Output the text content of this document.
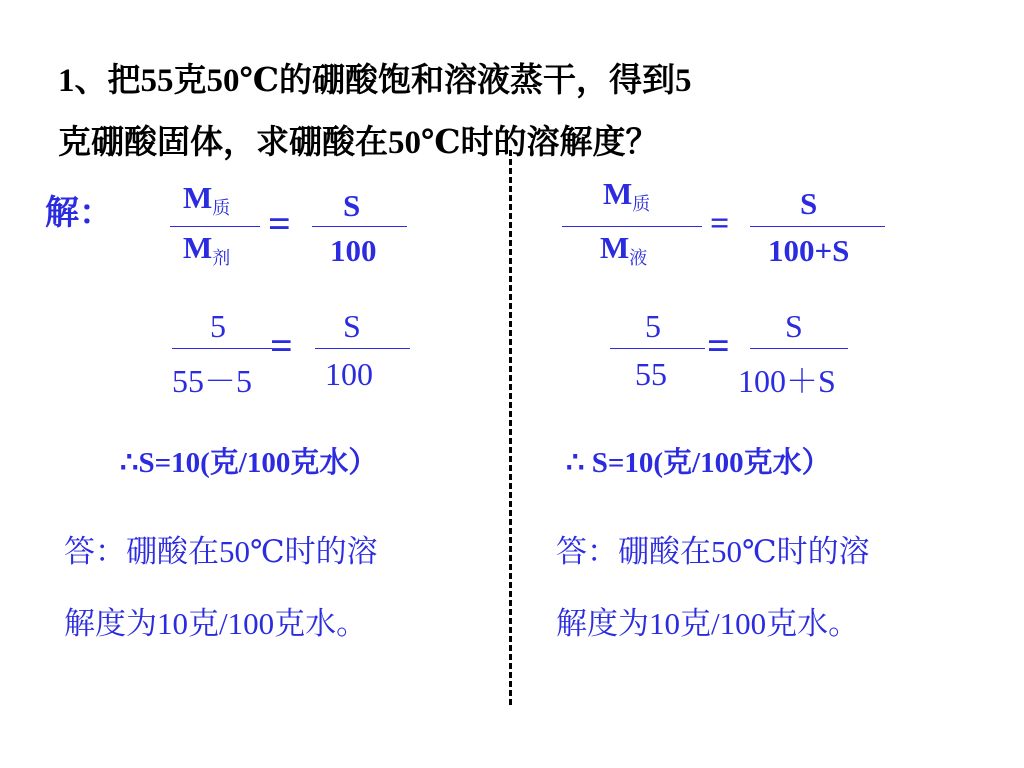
1、把55克50℃的硼酸饱和溶液蒸干，得到5
克硼酸固体，求硼酸在50℃时的溶解度？
解： $M_质$
$M_剂$
= S
100
5
55－5
= S
100
∴S=10(克/100克水）
答：硼酸在50℃时的溶
解度为10克/100克水。
$M_质$
$M_液$
=
S
100+S
5
55
= S
100＋S
∴ S=10(克/100克水）
答：硼酸在50℃时的溶
解度为10克/100克水。
